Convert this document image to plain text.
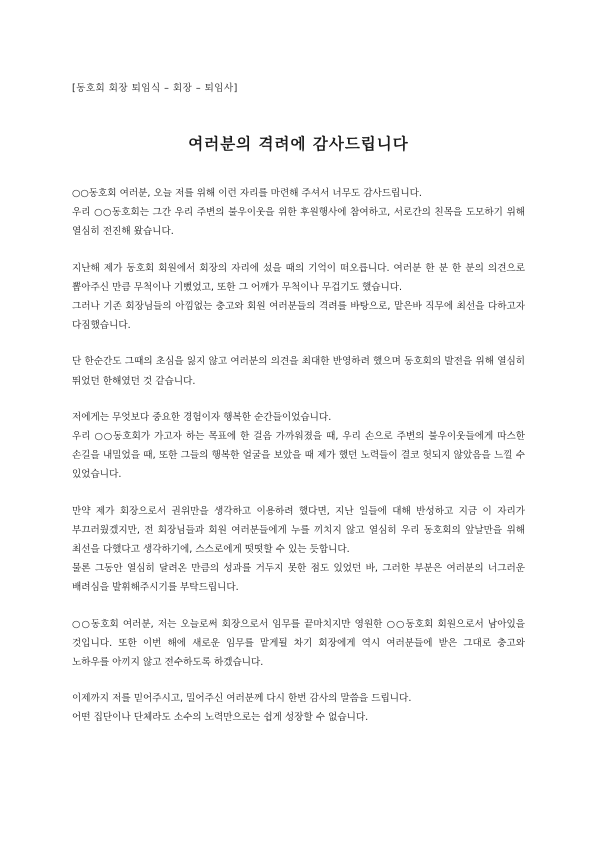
[동호회 회장 퇴임식 – 회장 – 퇴임사]

여러분의 격려에 감사드립니다

○○동호회 여러분, 오늘 저를 위해 이런 자리를 마련해 주셔서 너무도 감사드립니다.

우리 ○○동호회는 그간 우리 주변의 불우이웃을 위한 후원행사에 참여하고, 서로간의 친목을 도모하기 위해 열심히 전진해 왔습니다.

지난해 제가 동호회 회원에서 회장의 자리에 섰을 때의 기억이 떠오릅니다. 여러분 한 분 한 분의 의견으로 뽑아주신 만큼 무척이나 기뻤었고, 또한 그 어깨가 무척이나 무겁기도 했습니다.

그러나 기존 회장님들의 아낌없는 충고와 회원 여러분들의 격려를 바탕으로, 맡은바 직무에 최선을 다하고자 다짐했습니다.

단 한순간도 그때의 초심을 잃지 않고 여러분의 의견을 최대한 반영하려 했으며 동호회의 발전을 위해 열심히 뛰었던 한해였던 것 같습니다.

저에게는 무엇보다 중요한 경험이자 행복한 순간들이었습니다.

우리 ○○동호회가 가고자 하는 목표에 한 걸음 가까워졌을 때, 우리 손으로 주변의 불우이웃들에게 따스한 손길을 내밀었을 때, 또한 그들의 행복한 얼굴을 보았을 때 제가 했던 노력들이 결코 헛되지 않았음을 느낄 수 있었습니다.

만약 제가 회장으로서 권위만을 생각하고 이용하려 했다면, 지난 일들에 대해 반성하고 지금 이 자리가 부끄러웠겠지만, 전 회장님들과 회원 여러분들에게 누를 끼치지 않고 열심히 우리 동호회의 앞날만을 위해 최선을 다했다고 생각하기에, 스스로에게 떳떳할 수 있는 듯합니다.

물론 그동안 열심히 달려온 만큼의 성과를 거두지 못한 점도 있었던 바, 그러한 부분은 여러분의 너그러운 배려심을 발휘해주시기를 부탁드립니다.

○○동호회 여러분, 저는 오늘로써 회장으로서 임무를 끝마치지만 영원한 ○○동호회 회원으로서 남아있을 것입니다. 또한 이번 해에 새로운 임무를 맡게될 차기 회장에게 역시 여러분들에 받은 그대로 충고와 노하우를 아끼지 않고 전수하도록 하겠습니다.

이제까지 저를 믿어주시고, 밀어주신 여러분께 다시 한번 감사의 말씀을 드립니다.

어떤 집단이나 단체라도 소수의 노력만으로는 쉽게 성장할 수 없습니다.
